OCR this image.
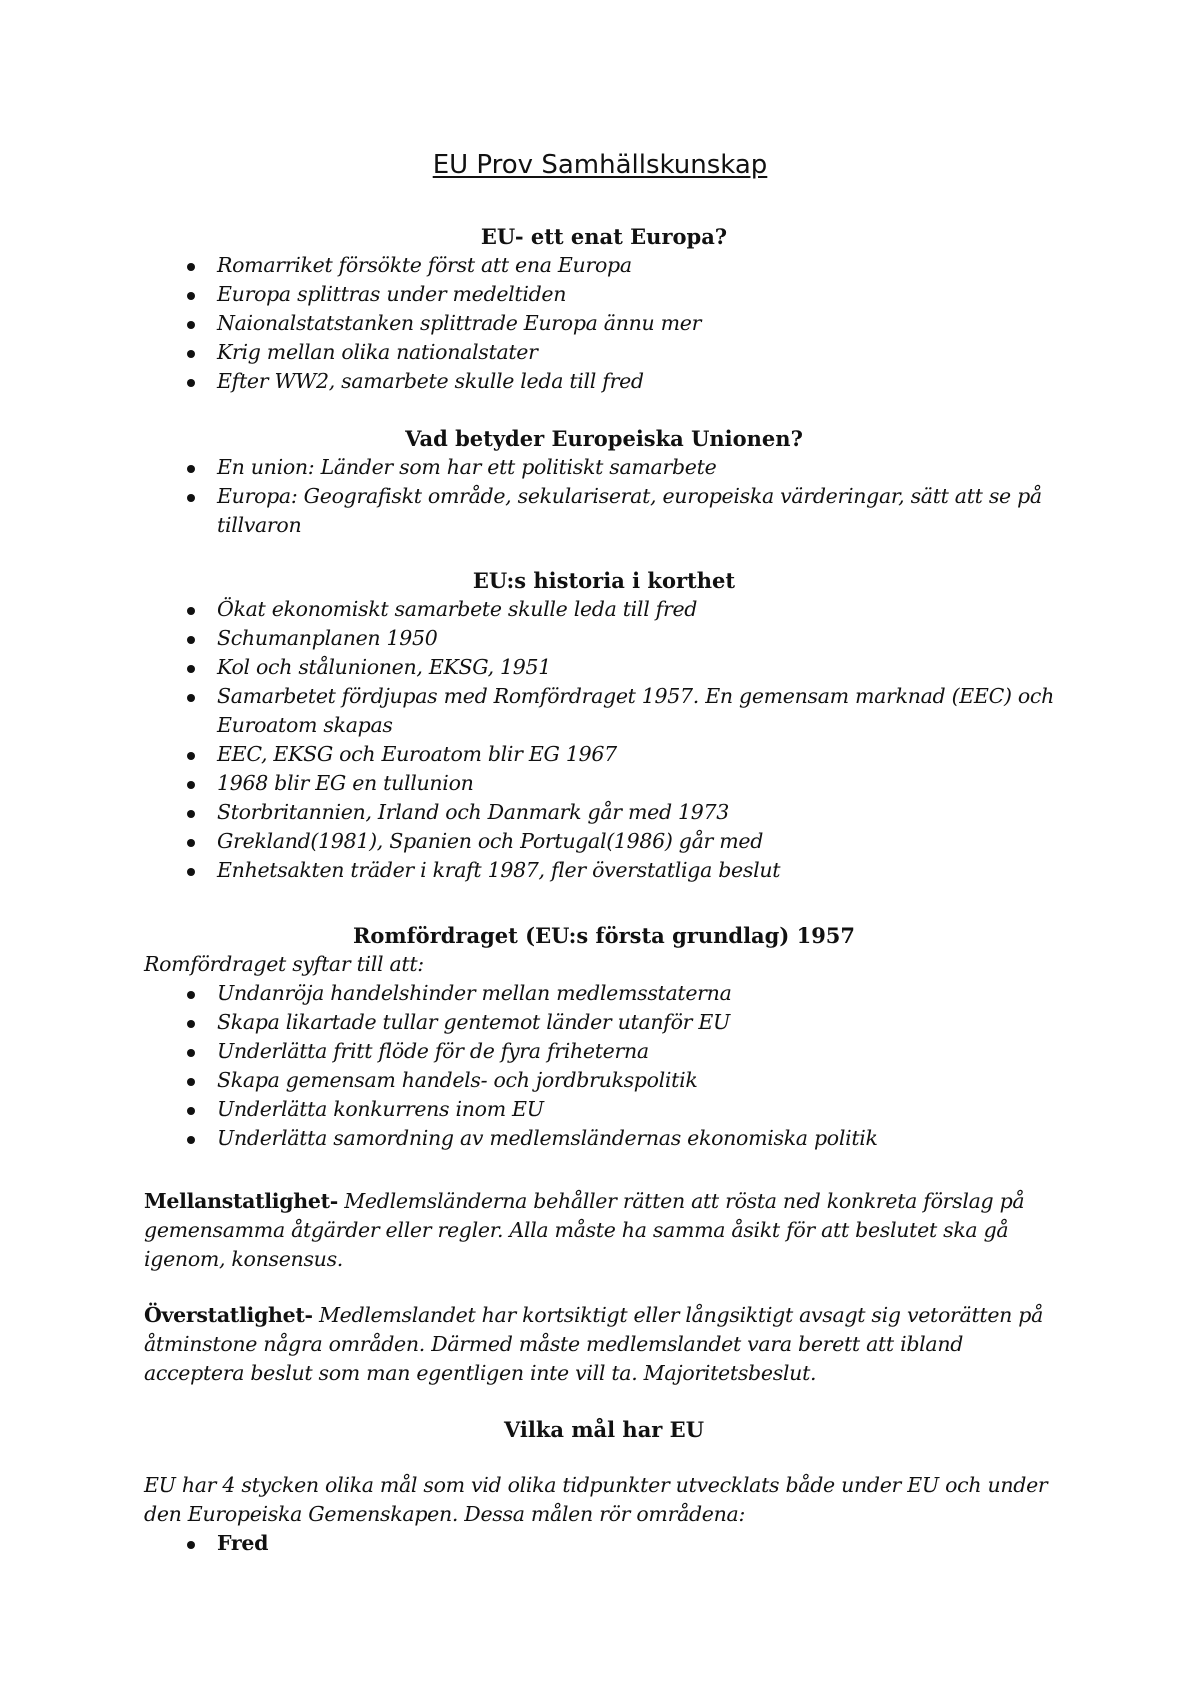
EU Prov Samhällskunskap

EU- ett enat Europa?

Romarriket försökte först att ena Europa
Europa splittras under medeltiden
Naionalstatstanken splittrade Europa ännu mer
Krig mellan olika nationalstater
Efter WW2, samarbete skulle leda till fred

Vad betyder Europeiska Unionen?

En union: Länder som har ett politiskt samarbete
Europa: Geografiskt område, sekulariserat, europeiska värderingar, sätt att se på tillvaron

EU:s historia i korthet

Ökat ekonomiskt samarbete skulle leda till fred
Schumanplanen 1950
Kol och stålunionen, EKSG, 1951
Samarbetet fördjupas med Romfördraget 1957. En gemensam marknad (EEC) och Euroatom skapas
EEC, EKSG och Euroatom blir EG 1967
1968 blir EG en tullunion
Storbritannien, Irland och Danmark går med 1973
Grekland(1981), Spanien och Portugal(1986) går med
Enhetsakten träder i kraft 1987, fler överstatliga beslut

Romfördraget (EU:s första grundlag) 1957

Romfördraget syftar till att:

Undanröja handelshinder mellan medlemsstaterna
Skapa likartade tullar gentemot länder utanför EU
Underlätta fritt flöde för de fyra friheterna
Skapa gemensam handels- och jordbrukspolitik
Underlätta konkurrens inom EU
Underlätta samordning av medlemsländernas ekonomiska politik

Mellanstatlighet- Medlemsländerna behåller rätten att rösta ned konkreta förslag på gemensamma åtgärder eller regler. Alla måste ha samma åsikt för att beslutet ska gå igenom, konsensus.

Överstatlighet- Medlemslandet har kortsiktigt eller långsiktigt avsagt sig vetorätten på åtminstone några områden. Därmed måste medlemslandet vara berett att ibland acceptera beslut som man egentligen inte vill ta. Majoritetsbeslut.

Vilka mål har EU

EU har 4 stycken olika mål som vid olika tidpunkter utvecklats både under EU och under den Europeiska Gemenskapen. Dessa målen rör områdena:

Fred
